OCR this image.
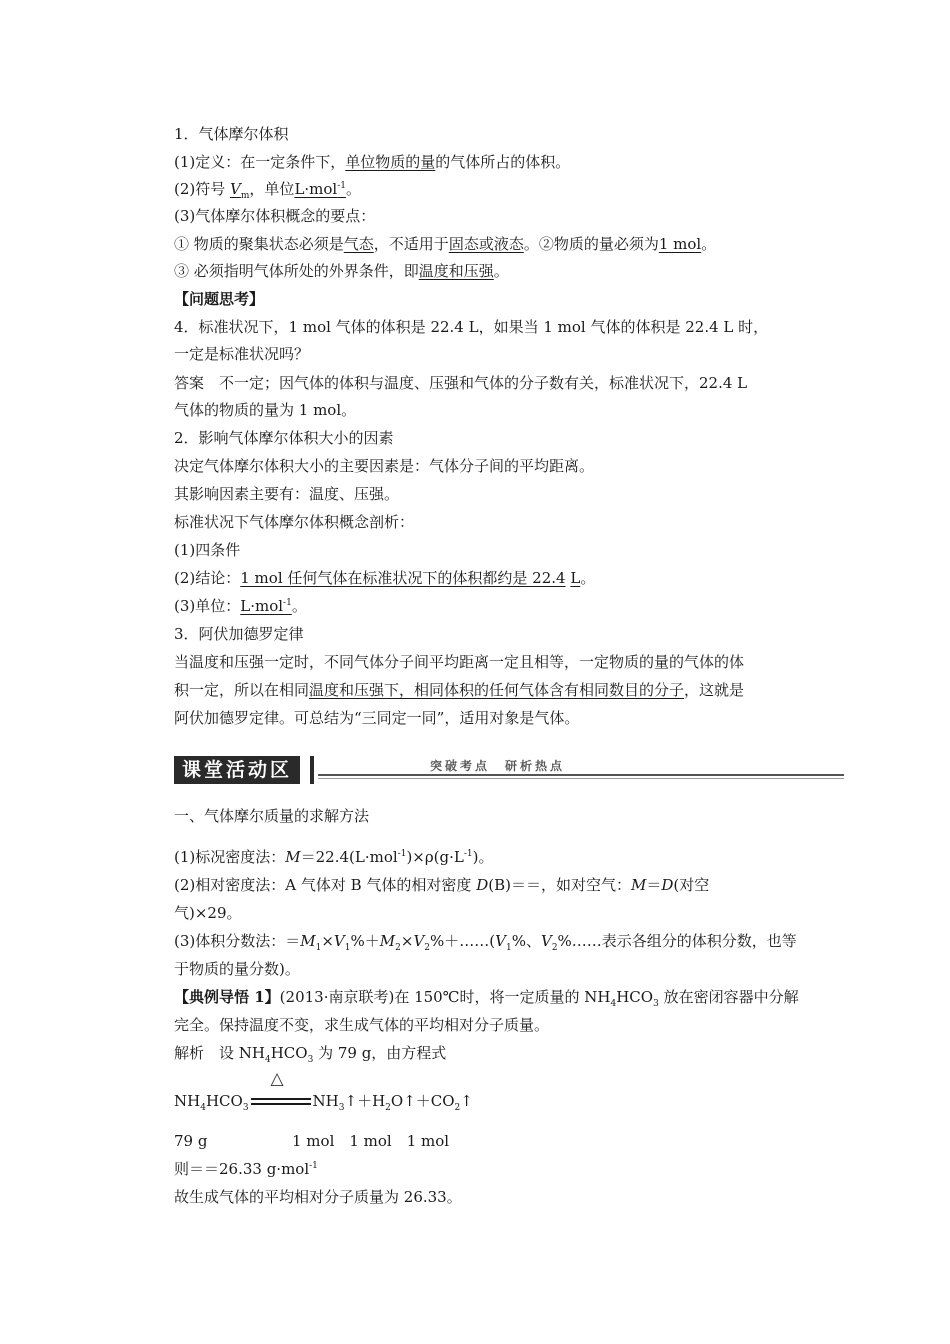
1．气体摩尔体积
(1)定义：在一定条件下，单位物质的量的气体所占的体积。
(2)符号 $V_m$，单位L·mol$^{-1}$。
(3)气体摩尔体积概念的要点：
① 物质的聚集状态必须是气态，不适用于固态或液态。②物质的量必须为1 mol。
③ 必须指明气体所处的外界条件，即温度和压强。
【问题思考】
4．标准状况下，1 mol 气体的体积是 22.4 L，如果当 1 mol 气体的体积是 22.4 L 时，
一定是标准状况吗？
答案　不一定；因气体的体积与温度、压强和气体的分子数有关，标准状况下，22.4 L
气体的物质的量为 1 mol。
2．影响气体摩尔体积大小的因素
决定气体摩尔体积大小的主要因素是：气体分子间的平均距离。
其影响因素主要有：温度、压强。
标准状况下气体摩尔体积概念剖析：
(1)四条件
(2)结论：1 mol 任何气体在标准状况下的体积都约是 22.4 L。
(3)单位：L·mol$^{-1}$。
3．阿伏加德罗定律
当温度和压强一定时，不同气体分子间平均距离一定且相等，一定物质的量的气体的体
积一定，所以在相同温度和压强下，相同体积的任何气体含有相同数目的分子，这就是
阿伏加德罗定律。可总结为“三同定一同”，适用对象是气体。
课堂活动区	突破考点　研析热点
一、气体摩尔质量的求解方法
(1)标况密度法：$M=22.4(L\cdot mol^{-1})\times\rho(g\cdot L^{-1})$。
(2)相对密度法：A 气体对 B 气体的相对密度 D(B)＝＝，如对空气：M＝D(对空
气)×29。
(3)体积分数法：$=M_1\times V_1\%+M_2\times V_2\%+\dots\dots(V_1\%$、$V_2\%\dots\dots$表示各组分的体积分数，也等
于物质的量分数)。
【典例导悟 1】(2013·南京联考)在 150℃时，将一定质量的 $NH_4HCO_3$ 放在密闭容器中分解
完全。保持温度不变，求生成气体的平均相对分子质量。
解析　设 $NH_4HCO_3$ 为 79 g，由方程式
$NH_4HCO_3$
△
$NH_3↑+H_2O↑+CO_2↑$
79 g	1 mol　1 mol　1 mol
则＝＝26.33 g·mol$^{-1}$
故生成气体的平均相对分子质量为 26.33。
